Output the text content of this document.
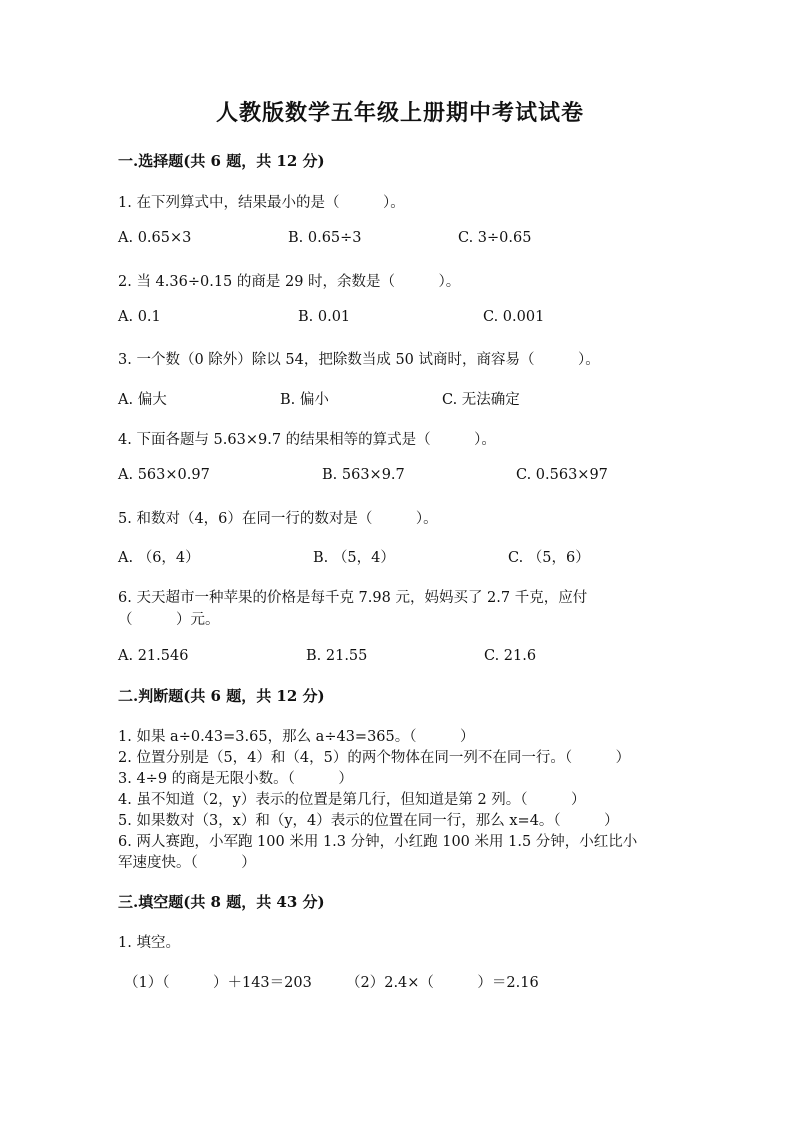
人教版数学五年级上册期中考试试卷
一.选择题(共 6 题，共 12 分)
1. 在下列算式中，结果最小的是（　　　）。
A. 0.65×3	B. 0.65÷3	C. 3÷0.65
2. 当 4.36÷0.15 的商是 29 时，余数是（　　　）。
A. 0.1	B. 0.01	C. 0.001
3. 一个数（0 除外）除以 54，把除数当成 50 试商时，商容易（　　　）。
A. 偏大	B. 偏小	C. 无法确定
4. 下面各题与 5.63×9.7 的结果相等的算式是（　　　）。
A. 563×0.97	B. 563×9.7	C. 0.563×97
5. 和数对（4，6）在同一行的数对是（　　　）。
A. （6，4）	B. （5，4）	C. （5，6）
6. 天天超市一种苹果的价格是每千克 7.98 元，妈妈买了 2.7 千克，应付
（　　　）元。
A. 21.546	B. 21.55	C. 21.6
二.判断题(共 6 题，共 12 分)
1. 如果 a÷0.43=3.65，那么 a÷43=365。（　　　）
2. 位置分别是（5，4）和（4，5）的两个物体在同一列不在同一行。（　　　）
3. 4÷9 的商是无限小数。（　　　）
4. 虽不知道（2，y）表示的位置是第几行，但知道是第 2 列。（　　　）
5. 如果数对（3，x）和（y，4）表示的位置在同一行，那么 x=4。（　　　）
6. 两人赛跑，小军跑 100 米用 1.3 分钟，小红跑 100 米用 1.5 分钟，小红比小
军速度快。（　　　）
三.填空题(共 8 题，共 43 分)
1. 填空。
（1）（　　　）＋143＝203 （2）2.4×（　　　）＝2.16
